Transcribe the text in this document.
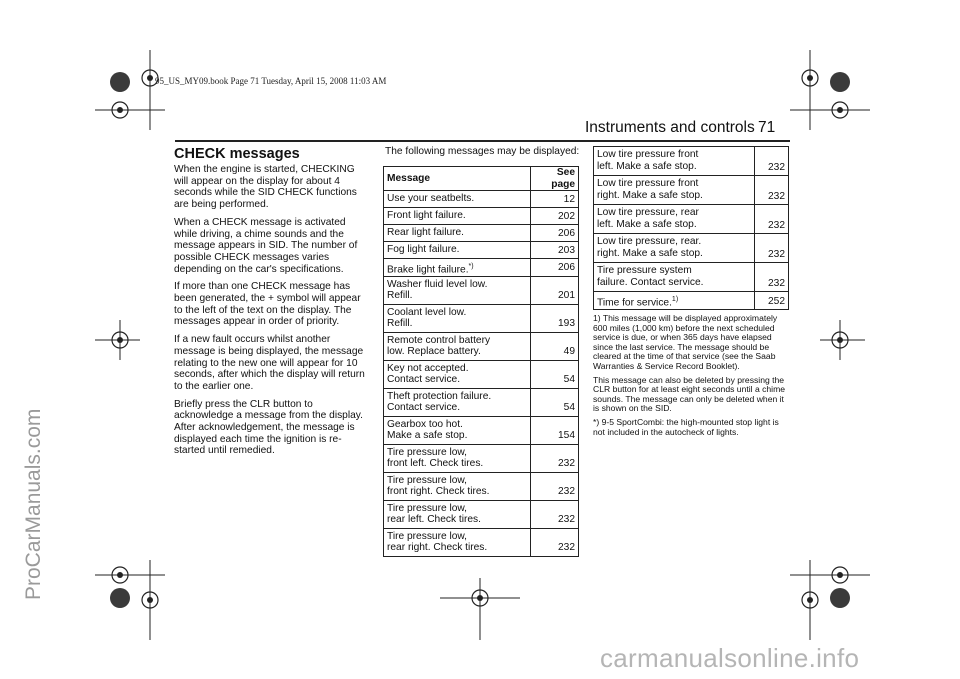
ProCarManuals.com
carmanualsonline.info
95_US_MY09.book Page 71 Tuesday, April 15, 2008 11:03 AM
Instruments and controls 71
CHECK messages

When the engine is started, CHECKING will appear on the display for about 4 seconds while the SID CHECK functions are being performed.

When a CHECK message is activated while driving, a chime sounds and the message appears in SID. The number of possible CHECK messages varies depending on the car's specifications.

If more than one CHECK message has been generated, the + symbol will appear to the left of the text on the display. The messages appear in order of priority.

If a new fault occurs whilst another message is being displayed, the message relating to the new one will appear for 10 seconds, after which the display will return to the earlier one.

Briefly press the CLR button to acknowledge a message from the display. After acknowledgement, the message is displayed each time the ignition is re-started until remedied.

The following messages may be displayed:
Message	See page
Use your seatbelts.	12
Front light failure.	202
Rear light failure.	206
Fog light failure.	203
Brake light failure.*)	206
Washer fluid level low.
Refill.	201
Coolant level low.
Refill.	193
Remote control battery
low. Replace battery.	49
Key not accepted.
Contact service.	54
Theft protection failure.
Contact service.	54
Gearbox too hot.
Make a safe stop.	154
Tire pressure low,
front left. Check tires.	232
Tire pressure low,
front right. Check tires.	232
Tire pressure low,
rear left. Check tires.	232
Tire pressure low,
rear right. Check tires.	232
Low tire pressure front
left. Make a safe stop.	232
Low tire pressure front
right. Make a safe stop.	232
Low tire pressure, rear
left. Make a safe stop.	232
Low tire pressure, rear.
right. Make a safe stop.	232
Tire pressure system
failure. Contact service.	232
Time for service.$^{1)}$	252

1) This message will be displayed approximately 600 miles (1,000 km) before the next scheduled service is due, or when 365 days have elapsed since the last service. The message should be cleared at the time of that service (see the Saab Warranties & Service Record Booklet).

This message can also be deleted by pressing the CLR button for at least eight seconds until a chime sounds. The message can only be deleted when it is shown on the SID.

*) 9-5 SportCombi: the high-mounted stop light is not included in the autocheck of lights.
